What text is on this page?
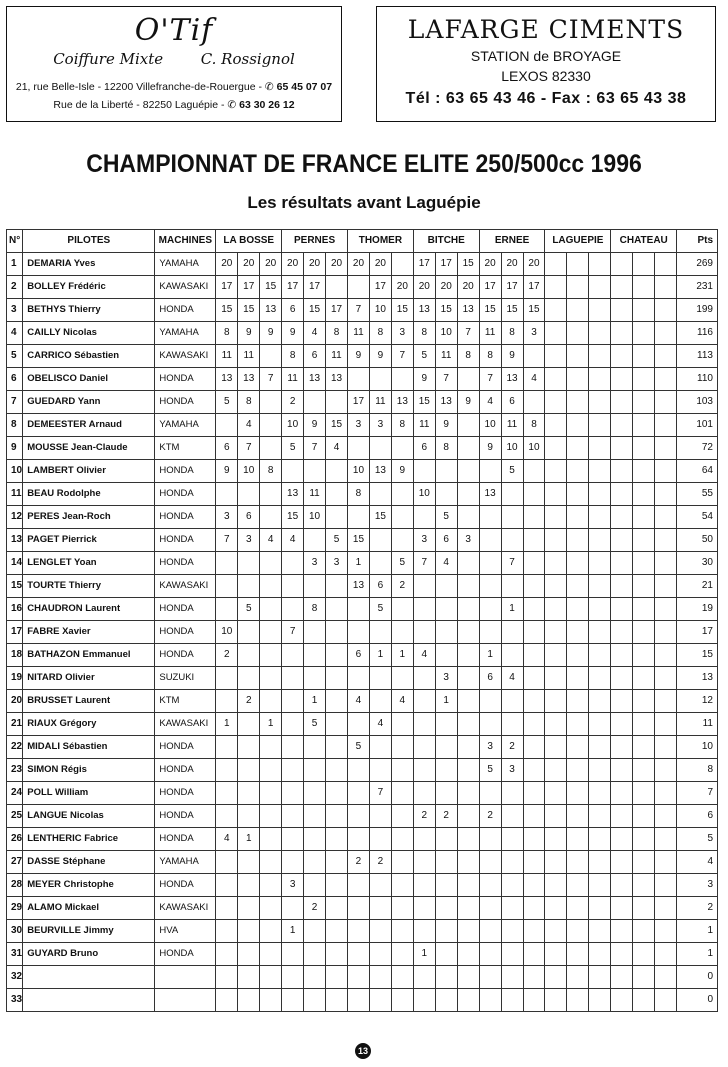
O'Tif
Coiffure Mixte	C. Rossignol
21, rue Belle-Isle - 12200 Villefranche-de-Rouergue - ✆ 65 45 07 07
Rue de la Liberté - 82250 Laguépie - ✆ 63 30 26 12
LAFARGE CIMENTS
STATION de BROYAGE
LEXOS 82330
Tél : 63 65 43 46 - Fax : 63 65 43 38
CHAMPIONNAT DE FRANCE ELITE 250/500cc 1996
Les résultats avant Laguépie
N°	PILOTES	MACHINES	LA BOSSE			PERNES			THOMER			BITCHE			ERNEE			LAGUEPIE			CHATEAU			Pts
1	DEMARIA Yves	YAMAHA	20	20	20	20	20	20	20	20		17	17	15	20	20	20							269
2	BOLLEY Frédéric	KAWASAKI	17	17	15	17	17			17	20	20	20	20	17	17	17							231
3	BETHYS Thierry	HONDA	15	15	13	6	15	17	7	10	15	13	15	13	15	15	15							199
4	CAILLY Nicolas	YAMAHA	8	9	9	9	4	8	11	8	3	8	10	7	11	8	3							116
5	CARRICO Sébastien	KAWASAKI	11	11		8	6	11	9	9	7	5	11	8	8	9								113
6	OBELISCO Daniel	HONDA	13	13	7	11	13	13				9	7		7	13	4							110
7	GUEDARD Yann	HONDA	5	8		2			17	11	13	15	13	9	4	6								103
8	DEMEESTER Arnaud	YAMAHA		4		10	9	15	3	3	8	11	9		10	11	8							101
9	MOUSSE Jean-Claude	KTM	6	7		5	7	4				6	8		9	10	10							72
10	LAMBERT Olivier	HONDA	9	10	8				10	13	9					5								64
11	BEAU Rodolphe	HONDA				13	11		8			10			13									55
12	PERES Jean-Roch	HONDA	3	6		15	10			15			5											54
13	PAGET Pierrick	HONDA	7	3	4	4		5	15			3	6	3										50
14	LENGLET Yoan	HONDA					3	3	1		5	7	4			7								30
15	TOURTE Thierry	KAWASAKI							13	6	2													21
16	CHAUDRON Laurent	HONDA		5			8			5						1								19
17	FABRE Xavier	HONDA	10			7																		17
18	BATHAZON Emmanuel	HONDA	2						6	1	1	4			1									15
19	NITARD Olivier	SUZUKI											3		6	4								13
20	BRUSSET Laurent	KTM		2			1		4		4		1											12
21	RIAUX Grégory	KAWASAKI	1		1		5			4														11
22	MIDALI Sébastien	HONDA							5						3	2								10
23	SIMON Régis	HONDA													5	3								8
24	POLL William	HONDA								7														7
25	LANGUE Nicolas	HONDA										2	2		2									6
26	LENTHERIC Fabrice	HONDA	4	1																				5
27	DASSE Stéphane	YAMAHA							2	2														4
28	MEYER Christophe	HONDA				3																		3
29	ALAMO Mickael	KAWASAKI					2																	2
30	BEURVILLE Jimmy	HVA				1																		1
31	GUYARD Bruno	HONDA										1												1
32																								0
33																								0
13
